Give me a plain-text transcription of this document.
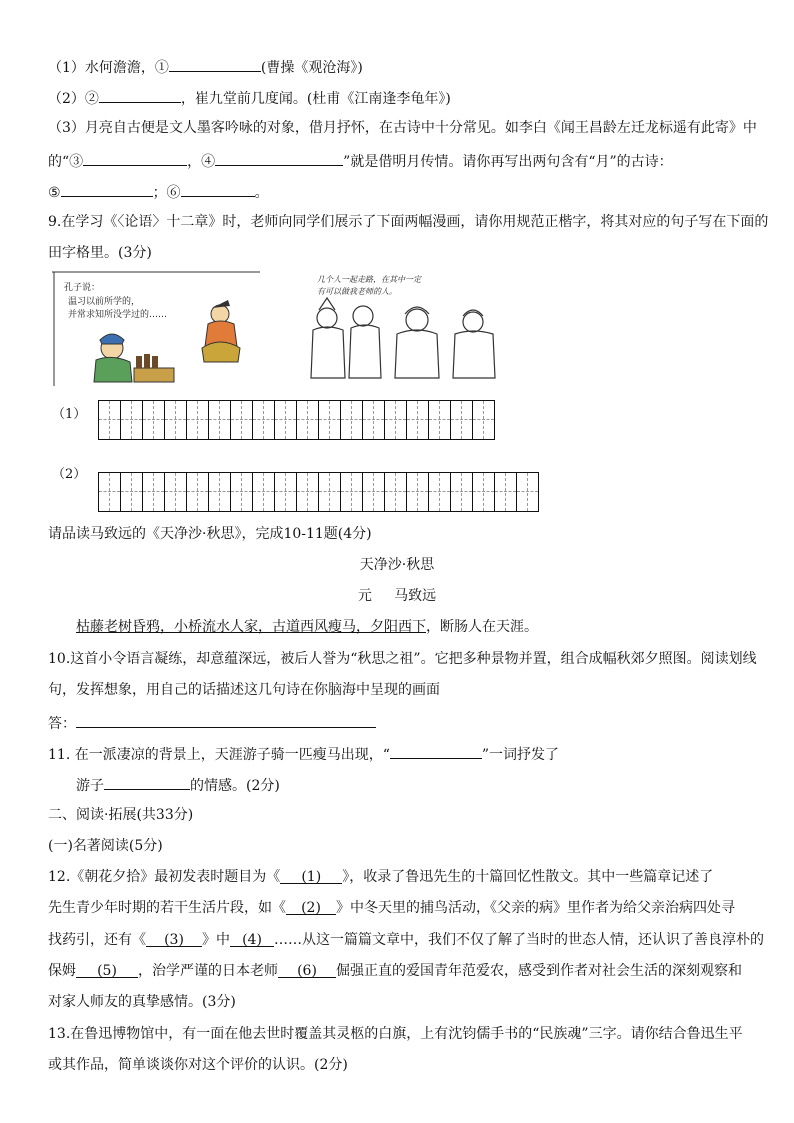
（1）水何澹澹，①	(曹操《观沧海》)
（2）②	，崔九堂前几度闻。(杜甫《江南逢李龟年》)
（3）月亮自古便是文人墨客吟咏的对象，借月抒怀，在古诗中十分常见。如李白《闻王昌龄左迁龙标遥有此寄》中
的“③	，④	”就是借明月传情。请你再写出两句含有“月”的古诗：
⑤	；⑥	。
9.在学习《〈论语〉十二章》时，老师向同学们展示了下面两幅漫画，请你用规范正楷字，将其对应的句子写在下面的
田字格里。(3分)
孔子说：
温习以前所学的，
并常求知所没学过的……
几个人一起走路，在其中一定
有可以做我老师的人。
（1）
（2）
请品读马致远的《天净沙·秋思》，完成10-11题(4分)
天净沙·秋思
元     马致远
枯藤老树昏鸦，小桥流水人家，古道西风瘦马，夕阳西下，断肠人在天涯。
10.这首小令语言凝练，却意蕴深远，被后人誉为“秋思之祖”。它把多种景物并置，组合成幅秋郊夕照图。阅读划线
句，发挥想象，用自己的话描述这几句诗在你脑海中呈现的画面
答：
11. 在一派凄凉的背景上，天涯游子骑一匹瘦马出现，“	”一词抒发了
游子	的情感。(2分)
二、阅读·拓展(共33分)
(一)名著阅读(5分)
12.《朝花夕拾》最初发表时题目为《 (1) 》，收录了鲁迅先生的十篇回忆性散文。其中一些篇章记述了
先生青少年时期的若干生活片段，如《 (2) 》中冬天里的捕鸟活动，《父亲的病》里作者为给父亲治病四处寻
找药引，还有《 (3) 》中 (4) ……从这一篇篇文章中，我们不仅了解了当时的世态人情，还认识了善良淳朴的
保姆 (5) ，治学严谨的日本老师 (6) 倔强正直的爱国青年范爱农，感受到作者对社会生活的深刻观察和
对家人师友的真挚感情。(3分)
13.在鲁迅博物馆中，有一面在他去世时覆盖其灵柩的白旗，上有沈钧儒手书的“民族魂”三字。请你结合鲁迅生平
或其作品，简单谈谈你对这个评价的认识。(2分)
